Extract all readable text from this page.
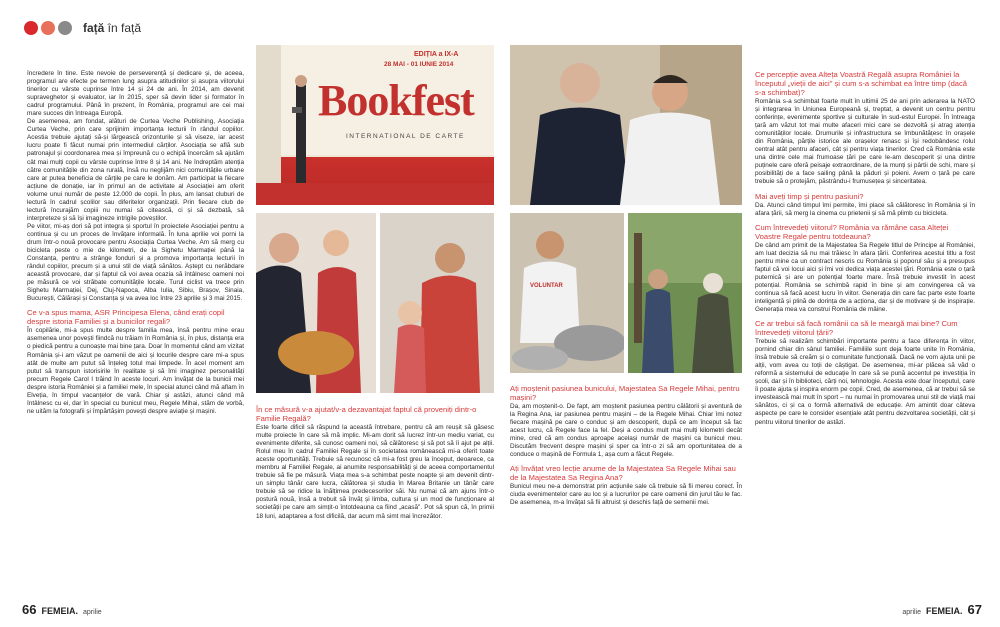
față în față

încredere în tine. Este nevoie de perseverență și dedicare și, de aceea, programul are efecte pe termen lung asupra atitudinilor și asupra viitorului tinerilor cu vârste cuprinse între 14 și 24 de ani. În 2014, am devenit supraveghetor și evaluator, iar în 2015, sper să devin lider și formator în cadrul programului. Până în prezent, în România, programul are cei mai mare succes din întreaga Europă.

De asemenea, am fondat, alături de Curtea Veche Publishing, Asociația Curtea Veche, prin care sprijinim importanța lecturii în rândul copiilor. Acestia trebuie ajutați să-și lărgească orizonturile și să viseze, iar acest lucru poate fi făcut numai prin intermediul cărților. Asociația se află sub patronajul și coordonarea mea și împreună cu o echipă încercăm să ajutăm cât mai mulți copii cu vârste cuprinse între 8 și 14 ani. Ne îndreptăm atenția către comunitățile din zona rurală, însă nu neglijăm nici comunitățile urbane care ar putea beneficia de cărțile pe care le donăm. Am participat la fiecare acțiune de donație, iar în primul an de activitate al Asociației am oferit volume unui număr de peste 12.000 de copii. În plus, am lansat cluburi de lectură în cadrul școlilor sau diferitelor organizații. Prin fiecare club de lectură încurajăm copiii nu numai să citească, ci și să dezbată, să interpreteze și să își imagineze intrigile poveștilor.

Pe viitor, mi-aș dori să pot integra și sportul în proiectele Asociației pentru a continua și cu un proces de învățare informală. În luna aprilie voi porni la drum într-o nouă provocare pentru Asociația Curtea Veche. Am să merg cu bicicleta peste o mie de kilometri, de la Sighetu Marmației până la Constanța, pentru a strânge fonduri și a promova importanța lecturii în rândul copiilor, precum și a unui stil de viață sănătos. Aștept cu nerăbdare această provocare, dar și faptul că voi avea ocazia să întâlnesc oameni noi pe măsură ce voi străbate comunitățile locale. Turul ciclist va trece prin Sighetu Marmației, Dej, Cluj-Napoca, Alba Iulia, Sibiu, Brașov, Sinaia, București, Călărași și Constanța și va avea loc între 23 aprilie și 3 mai 2015.

Ce v-a spus mama, ASR Principesa Elena, când erați copil despre istoria Familiei și a bunicilor regali?

În copilărie, mi-a spus multe despre familia mea, însă pentru mine erau asemenea unor povești fiindcă nu trăiam în România și, în plus, distanța era o piedică pentru a cunoaște mai bine țara. Doar în momentul când am vizitat România și-i am văzut pe oamenii de aici și locurile despre care mi-a spus atât de multe am putut să înțeleg totul mai limpede. În acel moment am putut să transpun istorisirile în realitate și să îmi imaginez personalități precum Regele Carol I trăind în aceste locuri. Am învățat de la bunicii mei despre istoria României și a familiei mele, în special atunci când mă aflam în Elveția, în timpul vacanțelor de vară. Chiar și astăzi, atunci când mă întâlnesc cu ei, dar în special cu bunicul meu, Regele Mihai, stăm de vorbă, ne uităm la fotografii și împărtășim povești despre aviație și mașini.

EDIȚIA a IX-A
28 MAI - 01 IUNIE 2014
Bookfest
INTERNATIONAL DE CARTE
VOLUNTAR
În ce măsură v-a ajutat/v-a dezavantajat faptul că proveniți dintr-o Familie Regală?

Este foarte dificil să răspund la această întrebare, pentru că am reușit să găsesc multe proiecte în care să mă implic. Mi-am dorit să lucrez într-un mediu variat, cu evenimente diferite, să cunosc oameni noi, să călătoresc și să pot să îi ajut pe alții. Rolul meu în cadrul Familiei Regale și în societatea românească mi-a oferit toate aceste oportunități. Trebuie să recunosc că mi-a fost greu la început, deoarece, ca membru al Familiei Regale, ai anumite responsabilități și de aceea comportamentul trebuie să fie pe măsură. Viața mea s-a schimbat peste noapte și am devenit dintr-un simplu tânăr care lucra, călătorea și studia în Marea Britanie un tânăr care trebuie să se ridice la înălțimea predecesorilor săi. Nu numai că am ajuns într-o postură nouă, însă a trebuit să învăț și limba, cultura și un mod de funcționare al societății pe care am simțit-o întotdeauna ca fiind „acasă". Pot să spun că, în primii 18 luni, adaptarea a fost dificilă, dar acum mă simt mai încrezător.

Ați moștenit pasiunea bunicului, Majestatea Sa Regele Mihai, pentru mașini?

Da, am moștenit-o. De fapt, am moștenit pasiunea pentru călătorii și aventură de la Regina Ana, iar pasiunea pentru mașini – de la Regele Mihai. Chiar îmi notez fiecare mașină pe care o conduc și am descoperit, după ce am început să fac acest lucru, că Regele face la fel. Deși a condus mult mai mulți kilometri decât mine, cred că am condus aproape același număr de mașini ca bunicul meu. Discutăm frecvent despre mașini și sper ca într-o zi să am oportunitatea de a conduce o mașină de Formula 1, așa cum a făcut Regele.

Ați învățat vreo lecție anume de la Majestatea Sa Regele Mihai sau de la Majestatea Sa Regina Ana?

Bunicul meu ne-a demonstrat prin acțiunile sale că trebuie să fii mereu corect. În ciuda evenimentelor care au loc și a lucrurilor pe care oamenii din jurul tău le fac. De asemenea, m-a învățat să fii altruist și deschis față de semenii mei.

Ce percepție avea Alteța Voastră Regală asupra României la începutul „vieții de aici" și cum s-a schimbat ea între timp (dacă s-a schimbat)?

România s-a schimbat foarte mult în ultimii 25 de ani prin aderarea la NATO și integrarea în Uniunea Europeană și, treptat, a devenit un centru pentru conferințe, evenimente sportive și culturale în sud-estul Europei. În întreaga țară am văzut tot mai multe afaceri mici care se dezvoltă și atrag atenția comunităților locale. Drumurile și infrastructura se îmbunătățesc în orașele din România, părțile istorice ale orașelor renasc și își redobândesc rolul central atât pentru afaceri, cât și pentru viața tinerilor. Cred că România este una dintre cele mai frumoase țări pe care le-am descoperit și una dintre puținele care oferă peisaje extraordinare, de la munți și pârtii de schi, mare și posibilități de a face sailing până la păduri și poieni. Avem o țară pe care trebuie să o protejăm, păstrându-i frumusețea și sinceritatea.

Mai aveți timp și pentru pasiuni?

Da. Atunci când timpul îmi permite, îmi place să călătoresc în România și în afara țării, să merg la cinema cu prietenii și să mă plimb cu bicicleta.

Cum întrevedeți viitorul? România va rămâne casa Alteței Voastre Regale pentru totdeauna?

De când am primit de la Majestatea Sa Regele titlul de Principe al României, am luat decizia să nu mai trăiesc în afara țării. Conferirea acestui titlu a fost pentru mine ca un contract nescris cu România și poporul său și a presupus faptul că voi locui aici și îmi voi dedica viața acestei țări. România este o țară puternică și are un potențial foarte mare. Însă trebuie investit în acest potențial. România se schimbă rapid în bine și am convingerea că va continua să facă acest lucru în viitor. Generația din care fac parte este foarte inteligentă și plină de dorința de a acționa, dar și de motivare și de inspirație. Generația mea va construi România de mâine.

Ce ar trebui să facă românii ca să le meargă mai bine? Cum întrevedeți viitorul țării?

Trebuie să realizăm schimbări importante pentru a face diferența în viitor, pornind chiar din sânul familiei. Familiile sunt deja foarte unite în România, însă trebuie să creăm și o comunitate funcțională. Dacă ne vom ajuta unii pe alții, vom avea cu toții de câștigat. De asemenea, mi-ar plăcea să văd o reformă a sistemului de educație în care să se pună accentul pe investiția în școli, dar și în biblioteci, cărți noi, tehnologie. Acesta este doar începutul, care îi poate ajuta și inspira enorm pe copii. Cred, de asemenea, că ar trebui să se investească mai mult în sport – nu numai în promovarea unui stil de viață mai sănătos, ci și ca o formă alternativă de educație. Am amintit doar câteva aspecte pe care le consider esențiale atât pentru dezvoltarea societății, cât și pentru viitorul tinerilor de astăzi.

66 FEMEIA. aprilie	aprilie FEMEIA. 67
